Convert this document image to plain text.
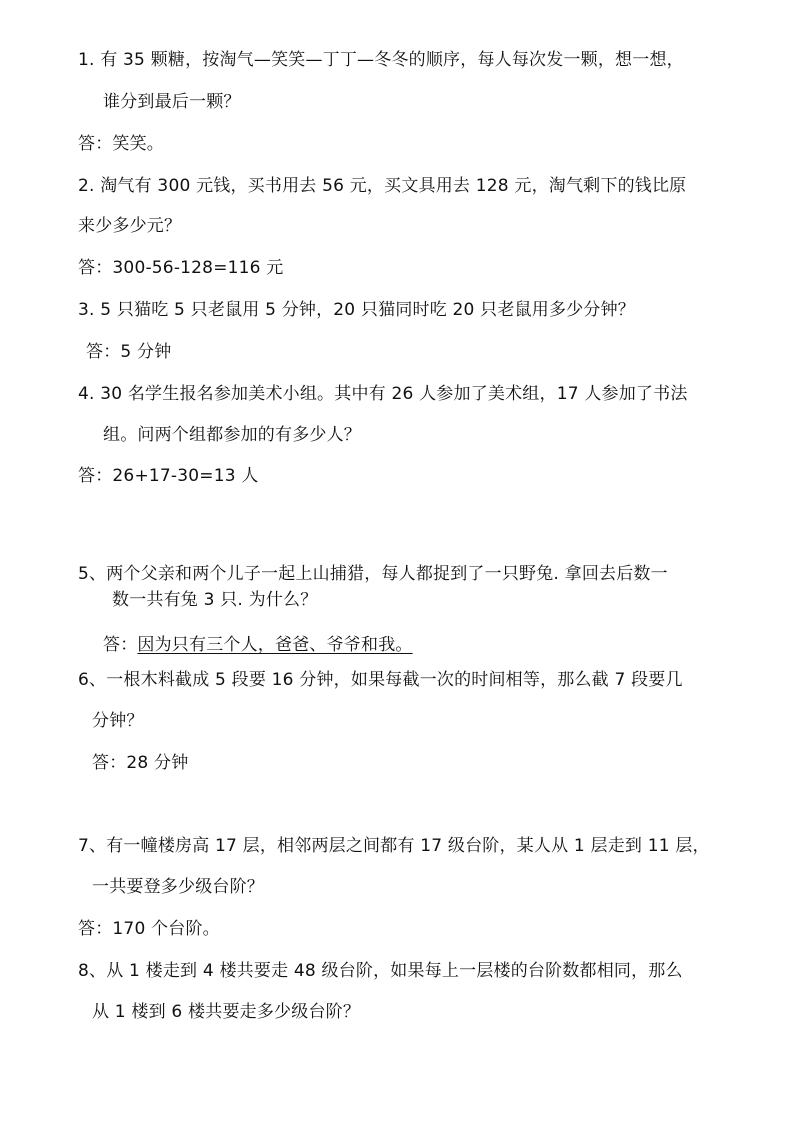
1. 有 35 颗糖，按淘气—笑笑—丁丁—冬冬的顺序，每人每次发一颗，想一想，
谁分到最后一颗？
答：笑笑。
2. 淘气有 300 元钱，买书用去 56 元，买文具用去 128 元，淘气剩下的钱比原
来少多少元？
答：300-56-128=116 元
3. 5 只猫吃 5 只老鼠用 5 分钟，20 只猫同时吃 20 只老鼠用多少分钟？
答：5 分钟
4. 30 名学生报名参加美术小组。其中有 26 人参加了美术组，17 人参加了书法
组。问两个组都参加的有多少人？
答：26+17-30=13 人
5、两个父亲和两个儿子一起上山捕猎，每人都捉到了一只野兔. 拿回去后数一
数一共有兔 3 只. 为什么？
答：因为只有三个人，爸爸、爷爷和我。
6、一根木料截成 5 段要 16 分钟，如果每截一次的时间相等，那么截 7 段要几
分钟？
答：28 分钟
7、有一幢楼房高 17 层，相邻两层之间都有 17 级台阶，某人从 1 层走到 11 层，
一共要登多少级台阶？
答：170 个台阶。
8、从 1 楼走到 4 楼共要走 48 级台阶，如果每上一层楼的台阶数都相同，那么
从 1 楼到 6 楼共要走多少级台阶？
